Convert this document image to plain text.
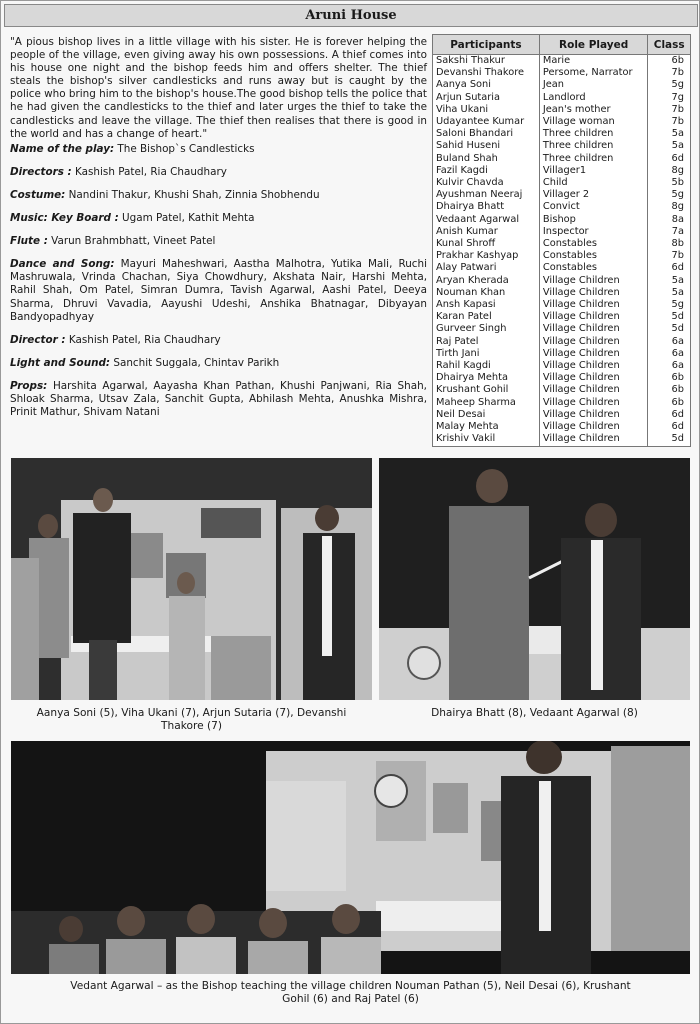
Aruni House

"A pious bishop lives in a little village with his sister. He is forever helping the people of the village, even giving away his own possessions. A thief comes into his house one night and the bishop feeds him and offers shelter. The thief steals the bishop's silver candlesticks and runs away but is caught by the police who bring him to the bishop's house.The good bishop tells the police that he had given the candlesticks to the thief and later urges the thief to take the candlesticks and leave the village. The thief then realises that there is good in the world and has a change of heart."

Name of the play: The Bishop`s Candlesticks

Directors : Kashish Patel, Ria Chaudhary

Costume: Nandini Thakur, Khushi Shah, Zinnia Shobhendu

Music: Key Board : Ugam Patel, Kathit Mehta

Flute : Varun Brahmbhatt, Vineet Patel

Dance and Song: Mayuri Maheshwari, Aastha Malhotra, Yutika Mali, Ruchi Mashruwala, Vrinda Chachan, Siya Chowdhury, Akshata Nair, Harshi Mehta, Rahil Shah, Om Patel, Simran Dumra, Tavish Agarwal, Aashi Patel, Deeya Sharma, Dhruvi Vavadia, Aayushi Udeshi, Anshika Bhatnagar, Dibyayan Bandyopadhyay

Director : Kashish Patel, Ria Chaudhary

Light and Sound: Sanchit Suggala, Chintav Parikh

Props: Harshita Agarwal, Aayasha Khan Pathan, Khushi Panjwani, Ria Shah, Shloak Sharma, Utsav Zala, Sanchit Gupta, Abhilash Mehta, Anushka Mishra, Prinit Mathur, Shivam Natani

Participants	Role Played	Class
Sakshi Thakur	Marie	6b
Devanshi Thakore	Persome, Narrator	7b
Aanya Soni	Jean	5g
Arjun Sutaria	Landlord	7g
Viha Ukani	Jean's mother	7b
Udayantee Kumar	Village woman	7b
Saloni Bhandari	Three children	5a
Sahid Huseni	Three children	5a
Buland Shah	Three children	6d
Fazil Kagdi	Villager1	8g
Kulvir Chavda	Child	5b
Ayushman Neeraj	Villager 2	5g
Dhairya Bhatt	Convict	8g
Vedaant Agarwal	Bishop	8a
Anish Kumar	Inspector	7a
Kunal Shroff	Constables	8b
Prakhar Kashyap	Constables	7b
Alay Patwari	Constables	6d
Aryan Kherada	Village Children	5a
Nouman Khan	Village Children	5a
Ansh Kapasi	Village Children	5g
Karan Patel	Village Children	5d
Gurveer Singh	Village Children	5d
Raj Patel	Village Children	6a
Tirth Jani	Village Children	6a
Rahil Kagdi	Village Children	6a
Dhairya Mehta	Village Children	6b
Krushant Gohil	Village Children	6b
Maheep Sharma	Village Children	6b
Neil Desai	Village Children	6d
Malay Mehta	Village Children	6d
Krishiv Vakil	Village Children	5d
Aanya Soni (5), Viha Ukani (7), Arjun Sutaria (7), Devanshi Thakore (7)
Dhairya Bhatt (8), Vedaant Agarwal (8)
Vedant Agarwal – as the Bishop teaching the village children Nouman Pathan (5), Neil Desai (6), Krushant Gohil (6) and Raj Patel (6)
